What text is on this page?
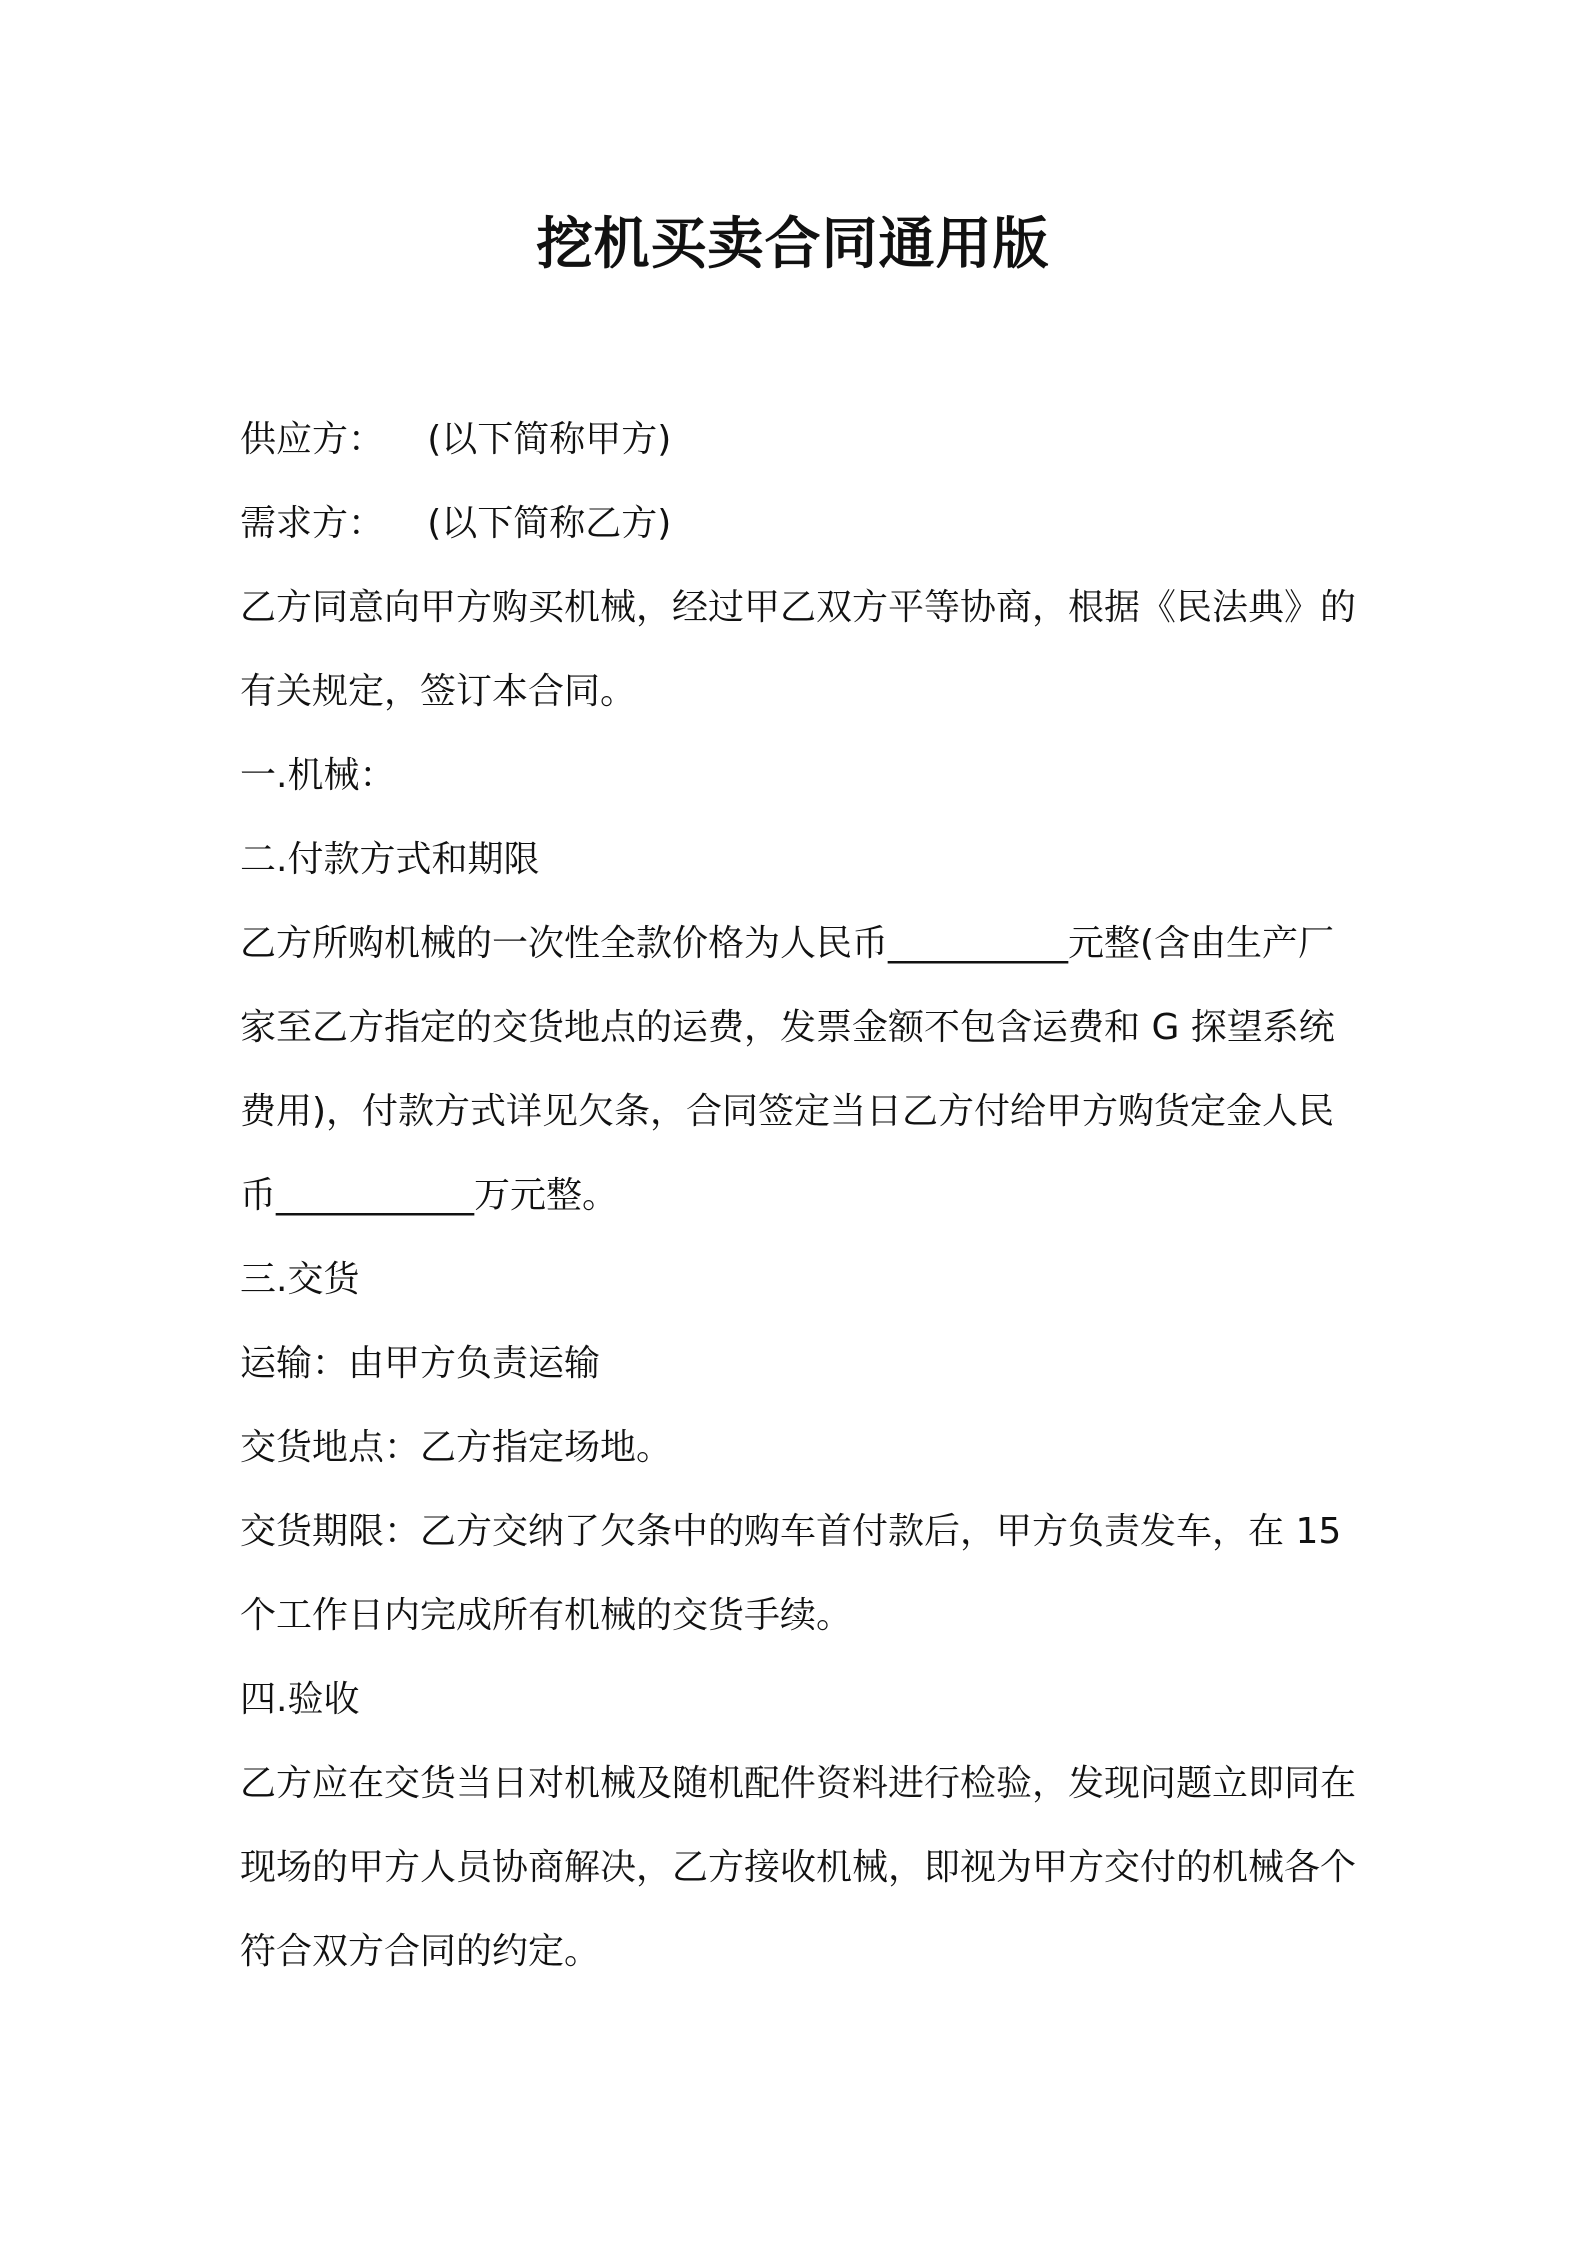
挖机买卖合同通用版

供应方： (以下简称甲方)

需求方： (以下简称乙方)

乙方同意向甲方购买机械，经过甲乙双方平等协商，根据《民法典》的有关规定，签订本合同。

一.机械：

二.付款方式和期限

乙方所购机械的一次性全款价格为人民币__________元整(含由生产厂家至乙方指定的交货地点的运费，发票金额不包含运费和 G 探望系统费用)，付款方式详见欠条，合同签定当日乙方付给甲方购货定金人民币___________万元整。

三.交货

运输：由甲方负责运输

交货地点：乙方指定场地。

交货期限：乙方交纳了欠条中的购车首付款后，甲方负责发车，在 15 个工作日内完成所有机械的交货手续。

四.验收

乙方应在交货当日对机械及随机配件资料进行检验，发现问题立即同在现场的甲方人员协商解决，乙方接收机械，即视为甲方交付的机械各个符合双方合同的约定。
